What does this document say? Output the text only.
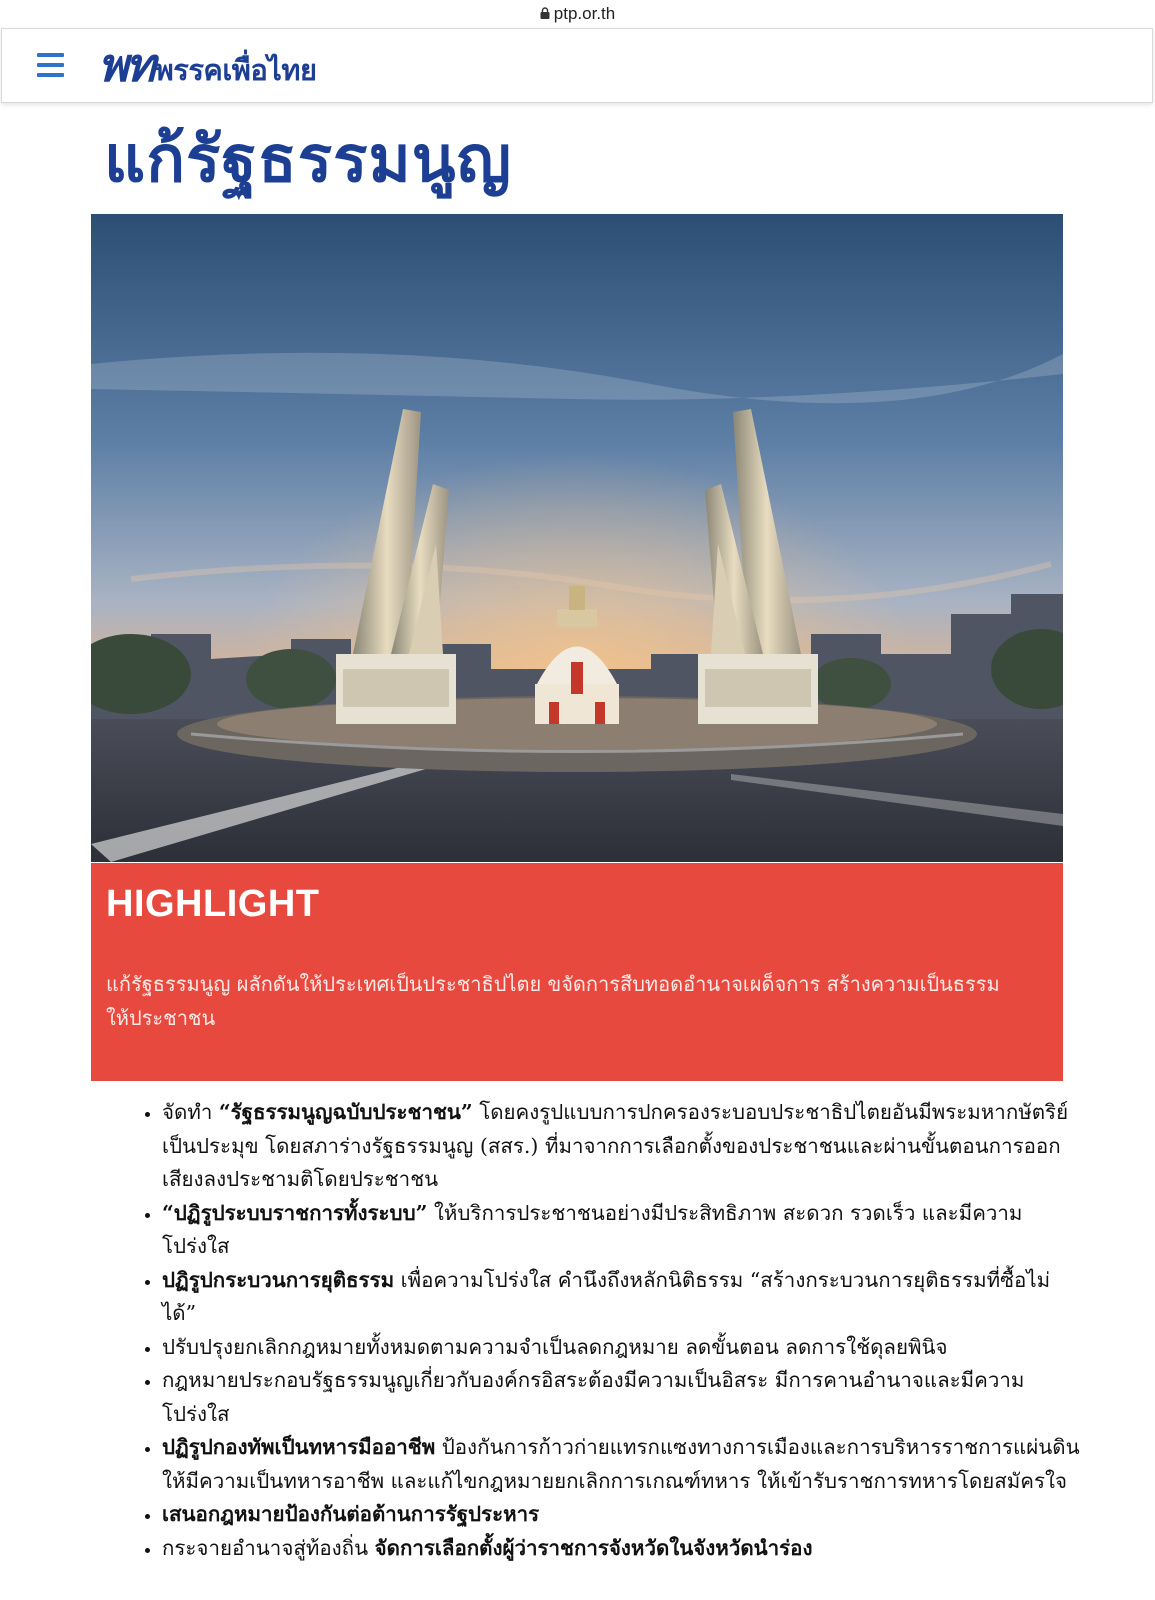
ptp.or.th
พท พรรคเพื่อไทย
แก้รัฐธรรมนูญ
HIGHLIGHT
แก้รัฐธรรมนูญ ผลักดันให้ประเทศเป็นประชาธิปไตย ขจัดการสืบทอดอำนาจเผด็จการ สร้างความเป็นธรรมให้ประชาชน
• จัดทำ “รัฐธรรมนูญฉบับประชาชน” โดยคงรูปแบบการปกครองระบอบประชาธิปไตยอันมีพระมหากษัตริย์เป็นประมุข โดยสภาร่างรัฐธรรมนูญ (สสร.) ที่มาจากการเลือกตั้งของประชาชนและผ่านขั้นตอนการออกเสียงลงประชามติโดยประชาชน
• “ปฏิรูประบบราชการทั้งระบบ” ให้บริการประชาชนอย่างมีประสิทธิภาพ สะดวก รวดเร็ว และมีความโปร่งใส
• ปฏิรูปกระบวนการยุติธรรม เพื่อความโปร่งใส คำนึงถึงหลักนิติธรรม “สร้างกระบวนการยุติธรรมที่ซื้อไม่ได้”
• ปรับปรุงยกเลิกกฎหมายทั้งหมดตามความจำเป็นลดกฎหมาย ลดขั้นตอน ลดการใช้ดุลยพินิจ
• กฎหมายประกอบรัฐธรรมนูญเกี่ยวกับองค์กรอิสระต้องมีความเป็นอิสระ มีการคานอำนาจและมีความโปร่งใส
• ปฏิรูปกองทัพเป็นทหารมืออาชีพ ป้องกันการก้าวก่ายแทรกแซงทางการเมืองและการบริหารราชการแผ่นดิน ให้มีความเป็นทหารอาชีพ และแก้ไขกฎหมายยกเลิกการเกณฑ์ทหาร ให้เข้ารับราชการทหารโดยสมัครใจ
• เสนอกฎหมายป้องกันต่อต้านการรัฐประหาร
• กระจายอำนาจสู่ท้องถิ่น จัดการเลือกตั้งผู้ว่าราชการจังหวัดในจังหวัดนำร่อง
